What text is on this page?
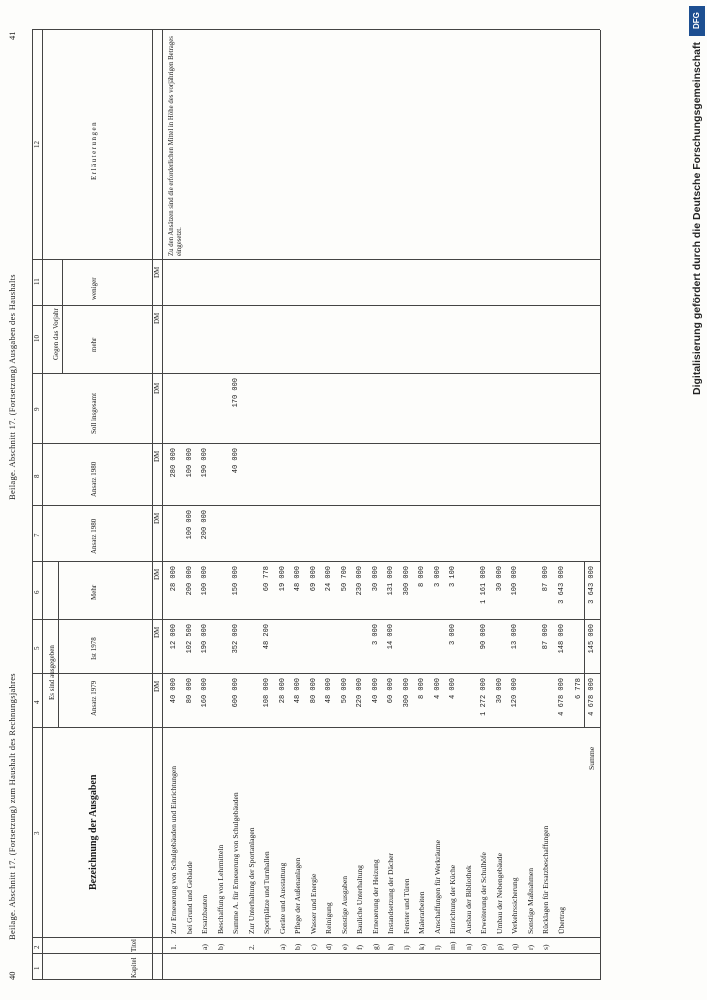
40
Beilage. Abschnitt 17. (Fortsetzung) zum Haushalt des Rechnungsjahres
Beilage. Abschnitt 17. (Fortsetzung) Ausgaben des Haushalts
41
1
2
3
4
5
6
7
8
9
10
11
12
Kapitel
Titel
Bezeichnung der Ausgaben
Es sind ausgegeben	Ansatz 1979
Ist 1978
Mehr
Ansatz 1980
Ansatz 1980
Soll insgesamt
Gegen das Vorjahr	mehr
weniger
Erläuterungen
DM
DM
DM
DM
DM
DM
DM
DM
1.
Zur Erneuerung von Schulgebäuden und Einrichtungen
40 000
12 000
28 000
280 000
bei Grund und Gebäude
80 000
102 500
200 000
100 000
100 000
a)
Ersatzbauten
160 000
190 000
100 000
200 000
190 000
b)
Beschaffung von Lehrmitteln Summe A. für Erneuerung von Schulgebäuden
600 000
352 000
150 000
40 000
170 000
2.
Zur Unterhaltung der Sportanlagen Sportplätze und Turnhallen
108 000
48 200
60 778
a)
Geräte und Ausstattung
28 000
19 000
b)
Pflege der Außenanlagen
48 000
48 000
c)
Wasser und Energie
80 000
69 000
d)
Reinigung
48 000
24 000
e)
Sonstige Ausgaben
50 000
50 700
f)
Bauliche Unterhaltung
220 000
230 000
g)
Erneuerung der Heizung
40 000
3 000
30 000
h)
Instandsetzung der Dächer
60 000
14 000
131 000
i)
Fenster und Türen
300 000
300 000
k)
Malerarbeiten
8 000
8 000
l)
Anschaffungen für Werkräume
4 000
3 000
m)
Einrichtung der Küche
4 000
3 000
3 100
n)
Ausbau der Bibliothek
o)
Erweiterung der Schulhöfe
1 272 000
90 000
1 161 000
p)
Umbau der Nebengebäude
30 000
30 000
q)
Verkehrssicherung
120 000
13 000
100 000
r)
Sonstige Maßnahmen
s)
Rücklagen für Ersatzbeschaffungen
87 000
87 000
Übertrag
4 678 000
148 000
3 643 000
6 778
Summe
4 678 000
145 000
3 643 000
Zu den Ansätzen sind die erforderlichen Mittel in Höhe des vorjährigen Betrages eingesetzt.
DFG
Digitalisierung gefördert durch die Deutsche Forschungsgemeinschaft
